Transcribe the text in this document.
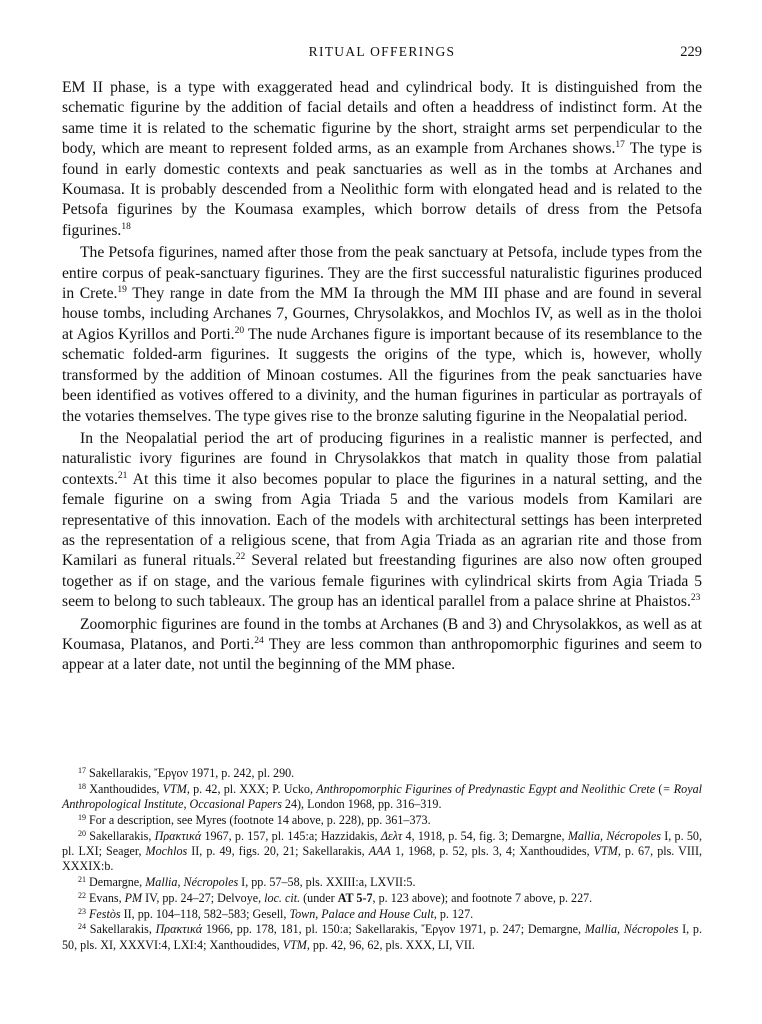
RITUAL OFFERINGS	229

EM II phase, is a type with exaggerated head and cylindrical body. It is distinguished from the schematic figurine by the addition of facial details and often a headdress of indistinct form. At the same time it is related to the schematic figurine by the short, straight arms set perpendicular to the body, which are meant to represent folded arms, as an example from Archanes shows.$^{17}$ The type is found in early domestic contexts and peak sanctuaries as well as in the tombs at Archanes and Koumasa. It is probably descended from a Neolithic form with elongated head and is related to the Petsofa figurines by the Koumasa examples, which borrow details of dress from the Petsofa figurines.$^{18}$

The Petsofa figurines, named after those from the peak sanctuary at Petsofa, include types from the entire corpus of peak-sanctuary figurines. They are the first successful naturalistic figurines produced in Crete.$^{19}$ They range in date from the MM Ia through the MM III phase and are found in several house tombs, including Archanes 7, Gournes, Chrysolakkos, and Mochlos IV, as well as in the tholoi at Agios Kyrillos and Porti.$^{20}$ The nude Archanes figure is important because of its resemblance to the schematic folded-arm figurines. It suggests the origins of the type, which is, however, wholly transformed by the addition of Minoan costumes. All the figurines from the peak sanctuaries have been identified as votives offered to a divinity, and the human figurines in particular as portrayals of the votaries themselves. The type gives rise to the bronze saluting figurine in the Neopalatial period.

In the Neopalatial period the art of producing figurines in a realistic manner is perfected, and naturalistic ivory figurines are found in Chrysolakkos that match in quality those from palatial contexts.$^{21}$ At this time it also becomes popular to place the figurines in a natural setting, and the female figurine on a swing from Agia Triada 5 and the various models from Kamilari are representative of this innovation. Each of the models with architectural settings has been interpreted as the representation of a religious scene, that from Agia Triada as an agrarian rite and those from Kamilari as funeral rituals.$^{22}$ Several related but freestanding figurines are also now often grouped together as if on stage, and the various female figurines with cylindrical skirts from Agia Triada 5 seem to belong to such tableaux. The group has an identical parallel from a palace shrine at Phaistos.$^{23}$

Zoomorphic figurines are found in the tombs at Archanes (B and 3) and Chrysolakkos, as well as at Koumasa, Platanos, and Porti.$^{24}$ They are less common than anthropomorphic figurines and seem to appear at a later date, not until the beginning of the MM phase.

$^{17}$ Sakellarakis, Ἔργον 1971, p. 242, pl. 290.
$^{18}$ Xanthoudides, VTM, p. 42, pl. XXX; P. Ucko, Anthropomorphic Figurines of Predynastic Egypt and Neolithic Crete (= Royal Anthropological Institute, Occasional Papers 24), London 1968, pp. 316–319.
$^{19}$ For a description, see Myres (footnote 14 above, p. 228), pp. 361–373.
$^{20}$ Sakellarakis, Πρακτικά 1967, p. 157, pl. 145:a; Hazzidakis, Δελτ 4, 1918, p. 54, fig. 3; Demargne, Mallia, Nécropoles I, p. 50, pl. LXI; Seager, Mochlos II, p. 49, figs. 20, 21; Sakellarakis, AAA 1, 1968, p. 52, pls. 3, 4; Xanthoudides, VTM, p. 67, pls. VIII, XXXIX:b.
$^{21}$ Demargne, Mallia, Nécropoles I, pp. 57–58, pls. XXIII:a, LXVII:5.
$^{22}$ Evans, PM IV, pp. 24–27; Delvoye, loc. cit. (under AT 5-7, p. 123 above); and footnote 7 above, p. 227.
$^{23}$ Festòs II, pp. 104–118, 582–583; Gesell, Town, Palace and House Cult, p. 127.
$^{24}$ Sakellarakis, Πρακτικά 1966, pp. 178, 181, pl. 150:a; Sakellarakis, Ἔργον 1971, p. 247; Demargne, Mallia, Nécropoles I, p. 50, pls. XI, XXXVI:4, LXI:4; Xanthoudides, VTM, pp. 42, 96, 62, pls. XXX, LI, VII.
